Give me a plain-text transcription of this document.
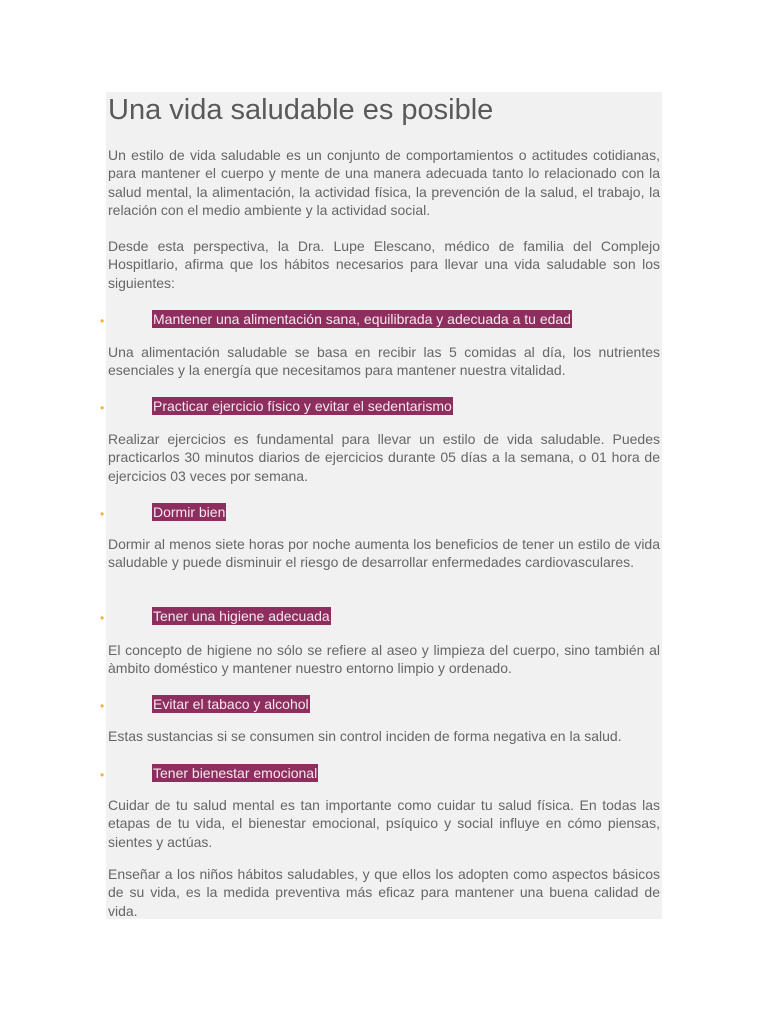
Una vida saludable es posible

Un estilo de vida saludable es un conjunto de comportamientos o actitudes cotidianas, para mantener el cuerpo y mente de una manera adecuada tanto lo relacionado con la salud mental, la alimentación, la actividad física, la prevención de la salud, el trabajo, la relación con el medio ambiente y la actividad social.

Desde esta perspectiva, la Dra. Lupe Elescano, médico de familia del Complejo Hospitlario, afirma que los hábitos necesarios para llevar una vida saludable son los siguientes:

•	Mantener una alimentación sana, equilibrada y adecuada a tu edad

Una alimentación saludable se basa en recibir las 5 comidas al día, los nutrientes esenciales y la energía que necesitamos para mantener nuestra vitalidad.

•	Practicar ejercicio físico y evitar el sedentarismo

Realizar ejercicios es fundamental para llevar un estilo de vida saludable. Puedes practicarlos 30 minutos diarios de ejercicios durante 05 días a la semana, o 01 hora de ejercicios 03 veces por semana.

•	Dormir bien

Dormir al menos siete horas por noche aumenta los beneficios de tener un estilo de vida saludable y puede disminuir el riesgo de desarrollar enfermedades cardiovasculares.

•	Tener una higiene adecuada

El concepto de higiene no sólo se refiere al aseo y limpieza del cuerpo, sino también al àmbito doméstico y mantener nuestro entorno limpio y ordenado.

•	Evitar el tabaco y alcohol

Estas sustancias si se consumen sin control inciden de forma negativa en la salud.

•	Tener bienestar emocional

Cuidar de tu salud mental es tan importante como cuidar tu salud física. En todas las etapas de tu vida, el bienestar emocional, psíquico y social influye en cómo piensas, sientes y actúas.

Enseñar a los niños hábitos saludables, y que ellos los adopten como aspectos básicos de su vida, es la medida preventiva más eficaz para mantener una buena calidad de vida.
